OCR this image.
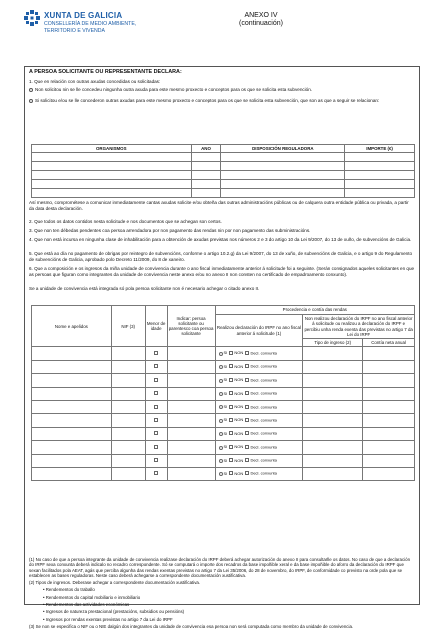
XUNTA DE GALICIA
CONSELLERÍA DE MEDIO AMBIENTE,
TERRITORIO E VIVENDA
ANEXO IV
(continuación)
A PERSOA SOLICITANTE OU REPRESENTANTE DECLARA:
1. Que en relación con outras axudas concedidas ou solicitadas:
Non solicitou nin se lle concedeu ningunha outra axuda para este mesmo proxecto e conceptos para os que se solicita esta subvención.
Si solicitou e/ou se lle concederon outras axudas para este mesmo proxecto e conceptos para os que se solicita esta subvención, que son as que a seguir se relacionan:
ORGANISMOS	ANO	DISPOSICIÓN REGULADORA	IMPORTE (€)

Así mesmo, comprométese a comunicar inmediatamente cantas axudas solicite e/ou obteña das outras administracións públicas ou de calquera outra entidade pública ou privada, a partir da data desta declaración.
2. Que todos os datos contidos nesta solicitude e nos documentos que se achegan son certos.
3. Que non ten débedas pendentes coa persoa arrendadora por non pagamento das rendas nin por non pagamento das subministracións.
4. Que non está incursa en ningunha clase de inhabilitación para a obtención de axudas previstas nos números 2 e 3 do artigo 10 da Lei 9/2007, do 13 de xuño, de subvencións de Galicia.
5. Que está ao día no pagamento de obrigas por reintegro de subvencións, conforme o artigo 10.2.g) da Lei 9/2007, do 13 de xuño, de subvencións de Galicia, e o artigo 9 do Regulamento de subvencións de Galicia, aprobado polo Decreto 11/2009, do 8 de xaneiro.
6. Que a composición e os ingresos da miña unidade de convivencia durante o ano fiscal inmediatamente anterior á solicitude foi a seguinte. (Serán consignados aqueles solicitantes en que as persoas que figuran como integrantes da unidade de convivencia neste anexo e/ou no anexo II non consten no certificado de empadroamento conxunto).
Se a unidade de convivencia está integrada só pola persoa solicitante non é necesario achegar o citado anexo II.
Nome e apelidos	NIF (3)	Menor de idade	Indicar: persoa solicitante ou parentesco coa persoa solicitante	Procedencia e contía das rendas		
				Realizou declaración do IRPF no ano fiscal anterior á solicitude (1)	Non realizou declaración do IRPF no ano fiscal anterior á solicitude ou realizou a declaración do IRPF e percibiu unha renda exenta das previstas no artigo 7 da Lei do IRPF	
					Tipo de ingreso (2)	Contía neta anual
				SI NON Decl. conxunta		
				SI NON Decl. conxunta		
				SI NON Decl. conxunta		
				SI NON Decl. conxunta		
				SI NON Decl. conxunta		
				SI NON Decl. conxunta		
				SI NON Decl. conxunta		
				SI NON Decl. conxunta		
				SI NON Decl. conxunta		
				SI NON Decl. conxunta		
(1) No caso de que a persoa integrante da unidade de convivencia realizase declaración do IRPF deberá achegar autorización do anexo II para consultarlle os datos. No caso de que a declaración do IRPF sexa conxunta deberá indicalo no recadro correspondente. Só se computará o importe dos recadros da base impoñible xeral e da base impoñible do aforro da declaración do IRPF que sexan facilitados pola AEAT, agás que perciba algunha das rendas exentas previstas no artigo 7 da Lei 35/2006, do 28 de novembro, do IRPF, de conformidade co previsto na orde pola que se establecen as bases reguladoras. Neste caso deberá achegarse a correspondente documentación xustificativa.
(2) Tipos de ingresos. Deberase achegar a correspondente documentación xustificativa.
• Rendementos do traballo
• Rendementos do capital mobiliario e inmobiliario
• Rendementos das actividades económicas
• Ingresos de natureza prestacional (prestacións, subsidios ou pensións)
• Ingresos por rendas exentas previstas no artigo 7 da Lei do IRPF
(3) Se non se especifica o NIF ou o NIE dalgún dos integrantes da unidade de convivencia esa persoa non será computada como membro da unidade de convivencia.
